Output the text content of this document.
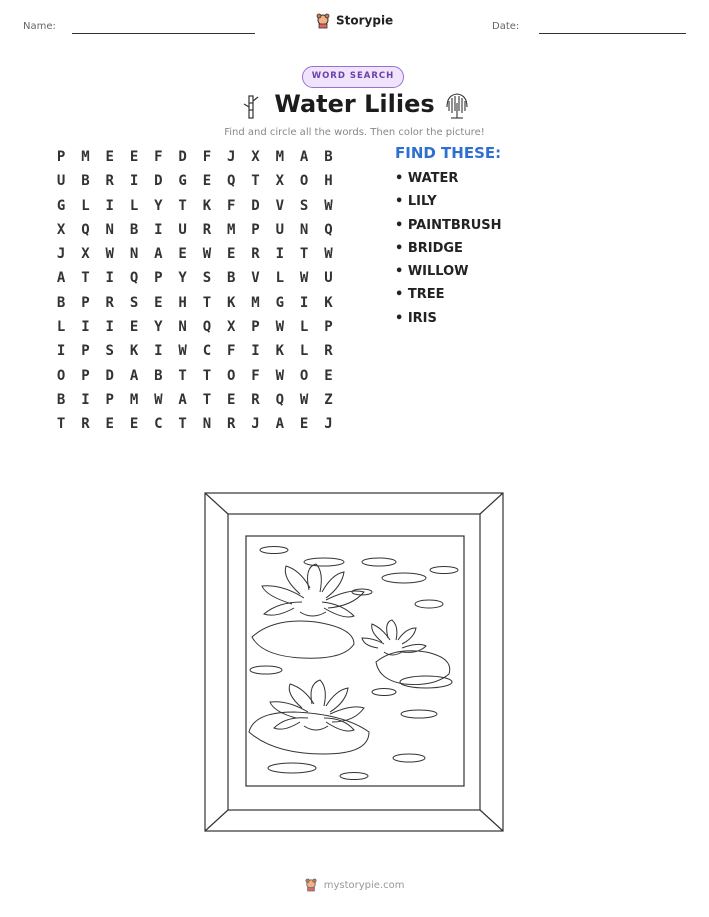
Name:	Storypie	Date:
WORD SEARCH
Water Lilies
Find and circle all the words. Then color the picture!
P	M	E	E	F	D	F	J	X	M	A	B
U	B	R	I	D	G	E	Q	T	X	O	H
G	L	I	L	Y	T	K	F	D	V	S	W
X	Q	N	B	I	U	R	M	P	U	N	Q
J	X	W	N	A	E	W	E	R	I	T	W
A	T	I	Q	P	Y	S	B	V	L	W	U
B	P	R	S	E	H	T	K	M	G	I	K
L	I	I	E	Y	N	Q	X	P	W	L	P
I	P	S	K	I	W	C	F	I	K	L	R
O	P	D	A	B	T	T	O	F	W	O	E
B	I	P	M	W	A	T	E	R	Q	W	Z
T	R	E	E	C	T	N	R	J	A	E	J
FIND THESE:
• WATER
• LILY
• PAINTBRUSH
• BRIDGE
• WILLOW
• TREE
• IRIS
mystorypie.com
